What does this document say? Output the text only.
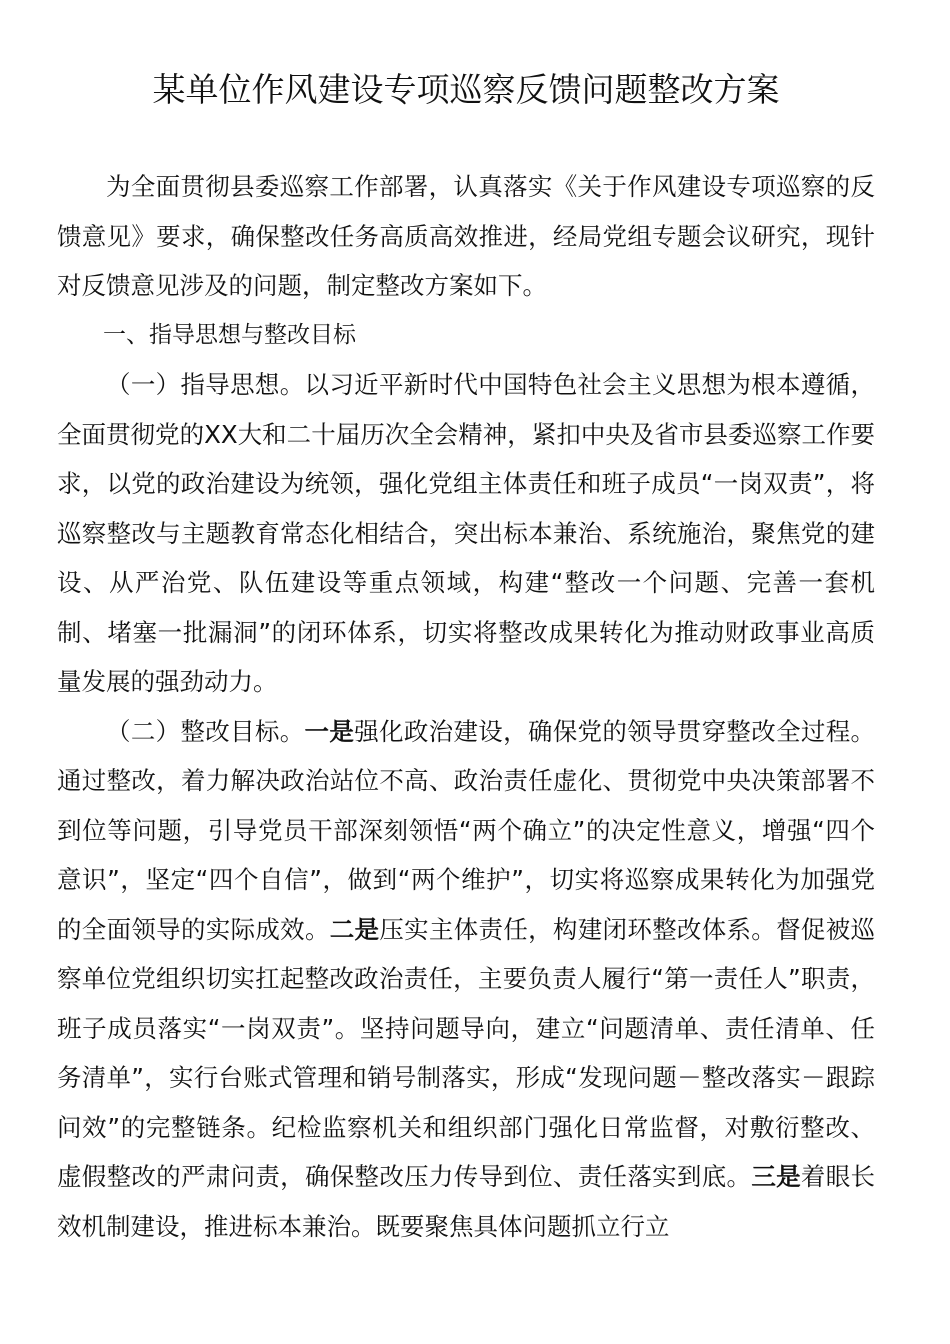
某单位作风建设专项巡察反馈问题整改方案

为全面贯彻县委巡察工作部署，认真落实《关于作风建设专项巡察的反馈意见》要求，确保整改任务高质高效推进，经局党组专题会议研究，现针对反馈意见涉及的问题，制定整改方案如下。

一、指导思想与整改目标

（一）指导思想。以习近平新时代中国特色社会主义思想为根本遵循，全面贯彻党的XX大和二十届历次全会精神，紧扣中央及省市县委巡察工作要求，以党的政治建设为统领，强化党组主体责任和班子成员“一岗双责”，将巡察整改与主题教育常态化相结合，突出标本兼治、系统施治，聚焦党的建设、从严治党、队伍建设等重点领域，构建“整改一个问题、完善一套机制、堵塞一批漏洞”的闭环体系，切实将整改成果转化为推动财政事业高质量发展的强劲动力。

（二）整改目标。一是强化政治建设，确保党的领导贯穿整改全过程。通过整改，着力解决政治站位不高、政治责任虚化、贯彻党中央决策部署不到位等问题，引导党员干部深刻领悟“两个确立”的决定性意义，增强“四个意识”，坚定“四个自信”，做到“两个维护”，切实将巡察成果转化为加强党的全面领导的实际成效。二是压实主体责任，构建闭环整改体系。督促被巡察单位党组织切实扛起整改政治责任，主要负责人履行“第一责任人”职责，班子成员落实“一岗双责”。坚持问题导向，建立“问题清单、责任清单、任务清单”，实行台账式管理和销号制落实，形成“发现问题－整改落实－跟踪问效”的完整链条。纪检监察机关和组织部门强化日常监督，对敷衍整改、虚假整改的严肃问责，确保整改压力传导到位、责任落实到底。三是着眼长效机制建设，推进标本兼治。既要聚焦具体问题抓立行立
